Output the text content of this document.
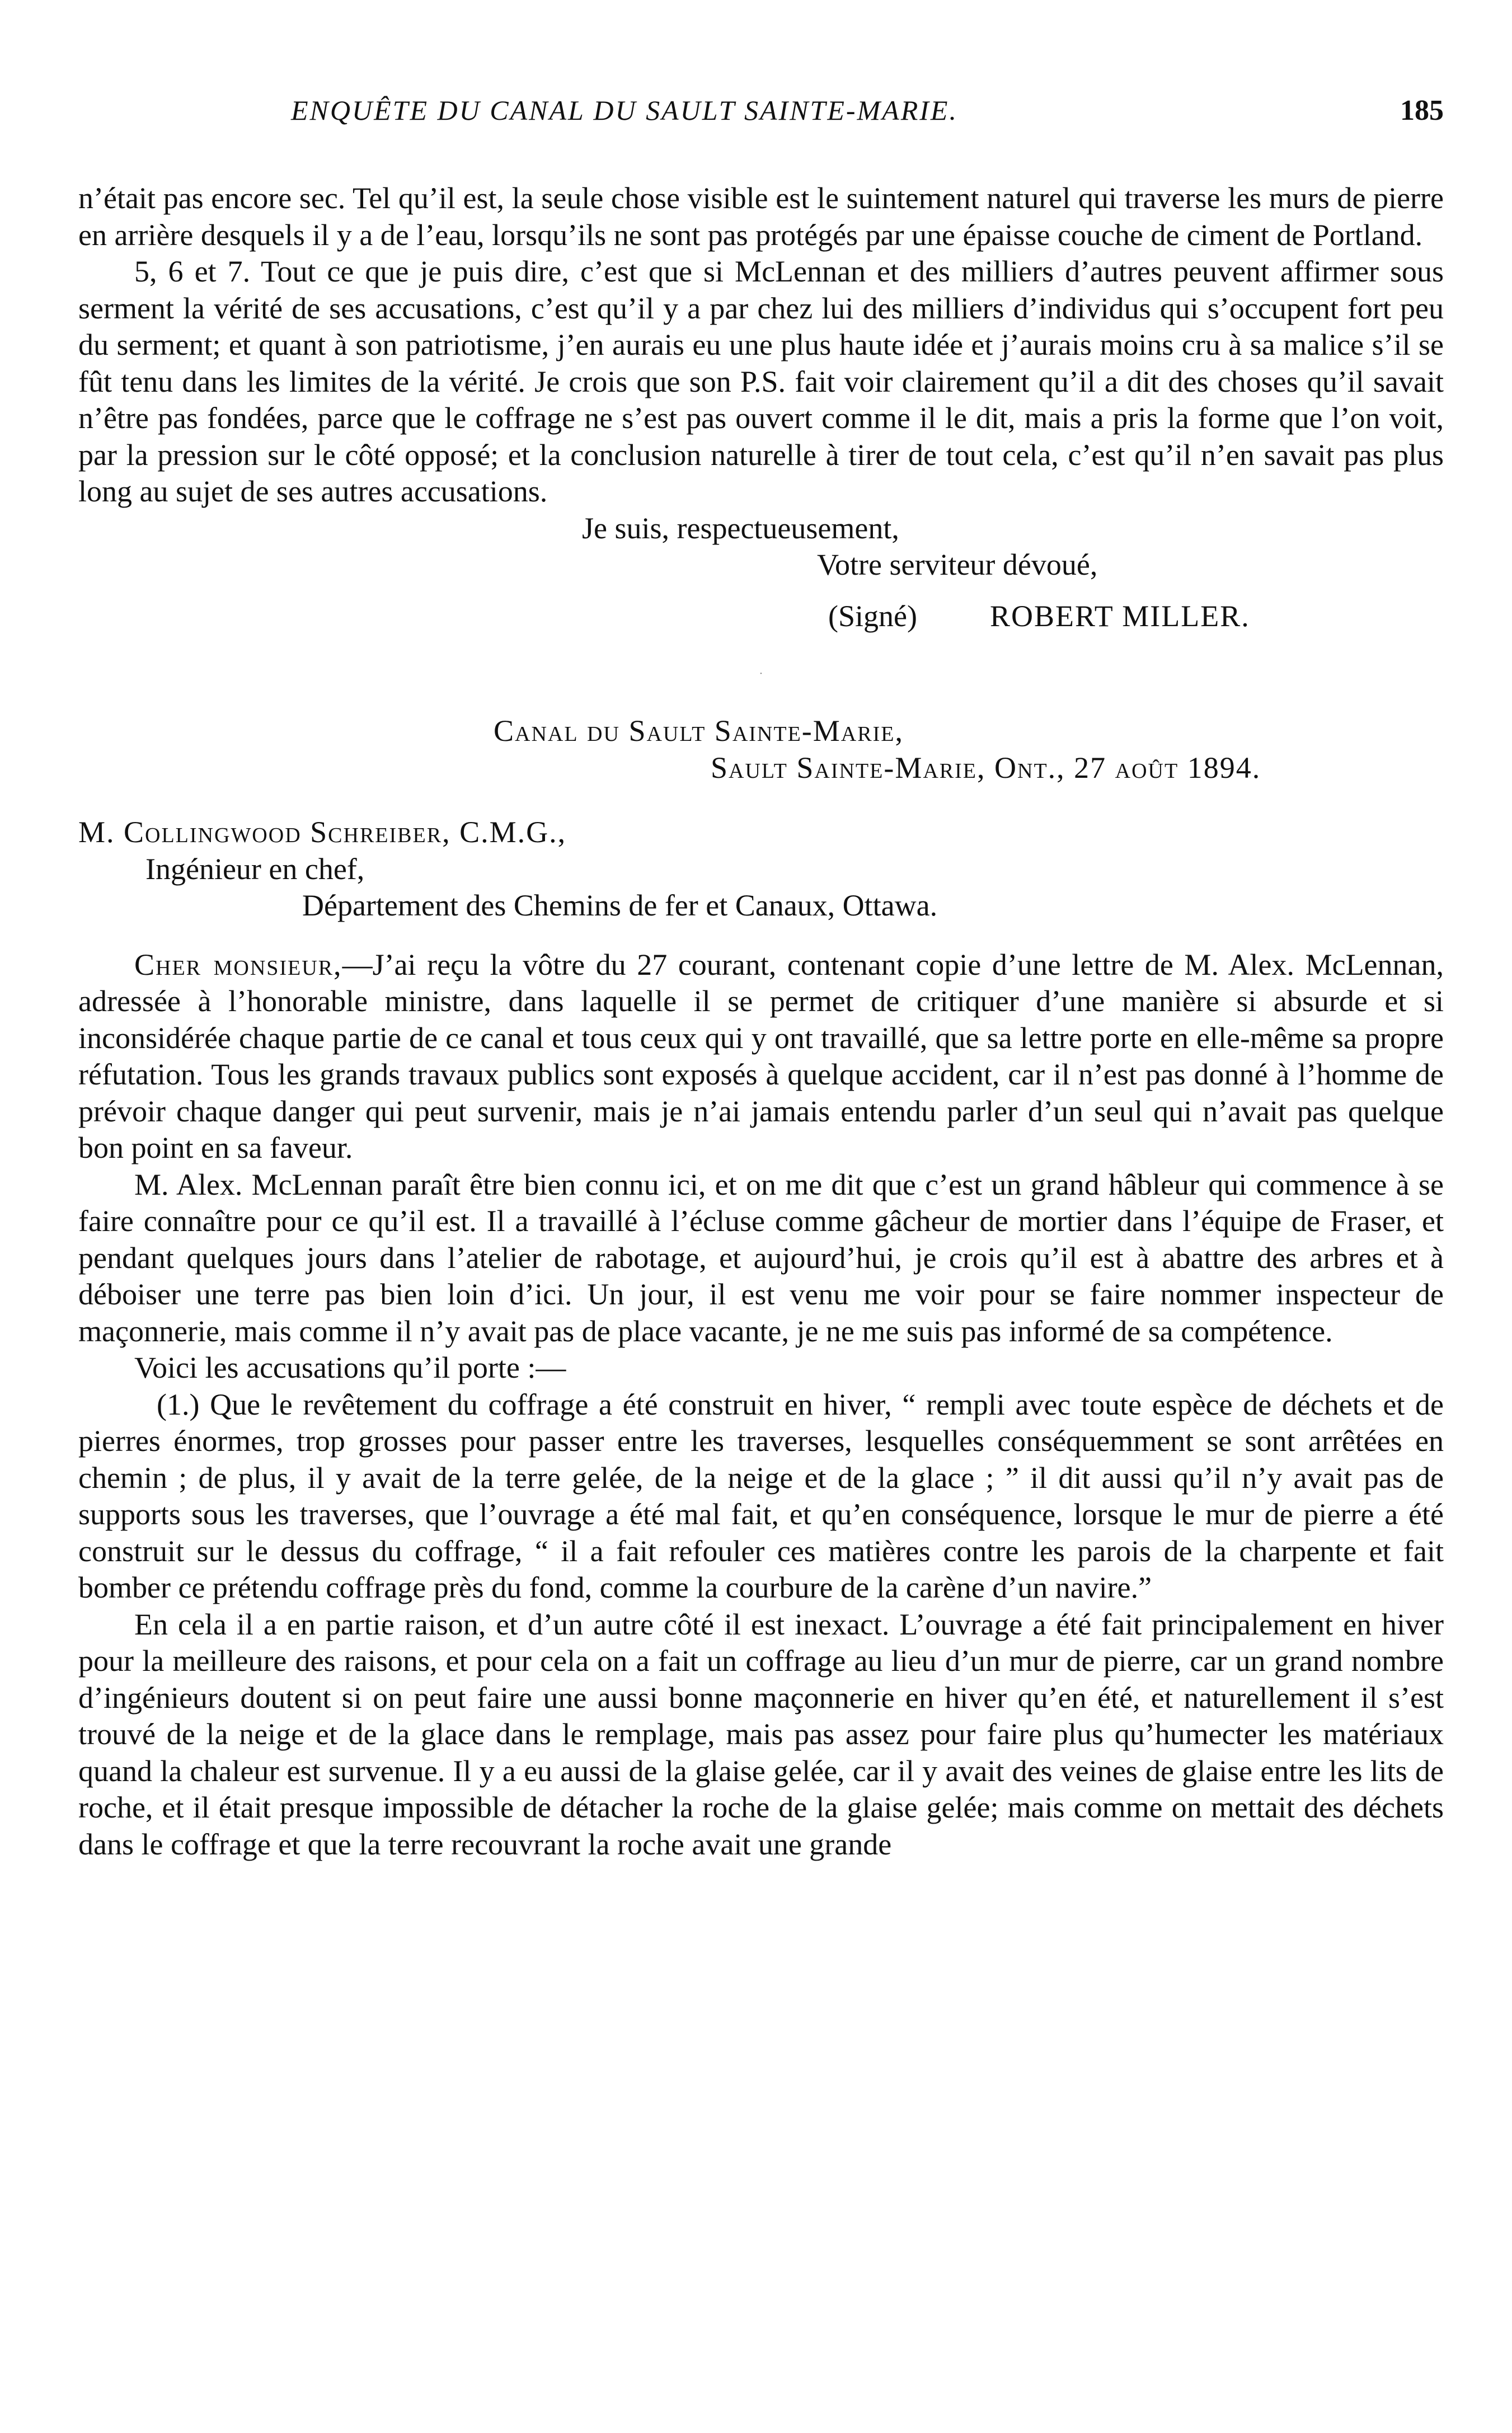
ENQUÊTE DU CANAL DU SAULT SAINTE-MARIE.	185

n’était pas encore sec. Tel qu’il est, la seule chose visible est le suintement naturel qui traverse les murs de pierre en arrière desquels il y a de l’eau, lorsqu’ils ne sont pas protégés par une épaisse couche de ciment de Portland.

5, 6 et 7. Tout ce que je puis dire, c’est que si McLennan et des milliers d’autres peuvent affirmer sous serment la vérité de ses accusations, c’est qu’il y a par chez lui des milliers d’individus qui s’occupent fort peu du serment; et quant à son patriotisme, j’en aurais eu une plus haute idée et j’aurais moins cru à sa malice s’il se fût tenu dans les limites de la vérité. Je crois que son P.S. fait voir clairement qu’il a dit des choses qu’il savait n’être pas fondées, parce que le coffrage ne s’est pas ouvert comme il le dit, mais a pris la forme que l’on voit, par la pression sur le côté opposé; et la conclusion naturelle à tirer de tout cela, c’est qu’il n’en savait pas plus long au sujet de ses autres accusations.

Je suis, respectueusement,

Votre serviteur dévoué,

(Signé) ROBERT MILLER.

·

Canal du Sault Sainte-Marie,

Sault Sainte-Marie, Ont., 27 août 1894.

M. Collingwood Schreiber, C.M.G.,

Ingénieur en chef,

Département des Chemins de fer et Canaux, Ottawa.

Cher monsieur,—J’ai reçu la vôtre du 27 courant, contenant copie d’une lettre de M. Alex. McLennan, adressée à l’honorable ministre, dans laquelle il se permet de critiquer d’une manière si absurde et si inconsidérée chaque partie de ce canal et tous ceux qui y ont travaillé, que sa lettre porte en elle-même sa propre réfutation. Tous les grands travaux publics sont exposés à quelque accident, car il n’est pas donné à l’homme de prévoir chaque danger qui peut survenir, mais je n’ai jamais entendu parler d’un seul qui n’avait pas quelque bon point en sa faveur.

M. Alex. McLennan paraît être bien connu ici, et on me dit que c’est un grand hâbleur qui commence à se faire connaître pour ce qu’il est. Il a travaillé à l’écluse comme gâcheur de mortier dans l’équipe de Fraser, et pendant quelques jours dans l’atelier de rabotage, et aujourd’hui, je crois qu’il est à abattre des arbres et à déboiser une terre pas bien loin d’ici. Un jour, il est venu me voir pour se faire nommer inspecteur de maçonnerie, mais comme il n’y avait pas de place vacante, je ne me suis pas informé de sa compétence.

Voici les accusations qu’il porte :—

(1.) Que le revêtement du coffrage a été construit en hiver, “ rempli avec toute espèce de déchets et de pierres énormes, trop grosses pour passer entre les traverses, lesquelles conséquemment se sont arrêtées en chemin ; de plus, il y avait de la terre gelée, de la neige et de la glace ; ” il dit aussi qu’il n’y avait pas de supports sous les traverses, que l’ouvrage a été mal fait, et qu’en conséquence, lorsque le mur de pierre a été construit sur le dessus du coffrage, “ il a fait refouler ces matières contre les parois de la charpente et fait bomber ce prétendu coffrage près du fond, comme la courbure de la carène d’un navire.”

En cela il a en partie raison, et d’un autre côté il est inexact. L’ouvrage a été fait principalement en hiver pour la meilleure des raisons, et pour cela on a fait un coffrage au lieu d’un mur de pierre, car un grand nombre d’ingénieurs doutent si on peut faire une aussi bonne maçonnerie en hiver qu’en été, et naturellement il s’est trouvé de la neige et de la glace dans le remplage, mais pas assez pour faire plus qu’humecter les matériaux quand la chaleur est survenue. Il y a eu aussi de la glaise gelée, car il y avait des veines de glaise entre les lits de roche, et il était presque impossible de détacher la roche de la glaise gelée; mais comme on mettait des déchets dans le coffrage et que la terre recouvrant la roche avait une grande
